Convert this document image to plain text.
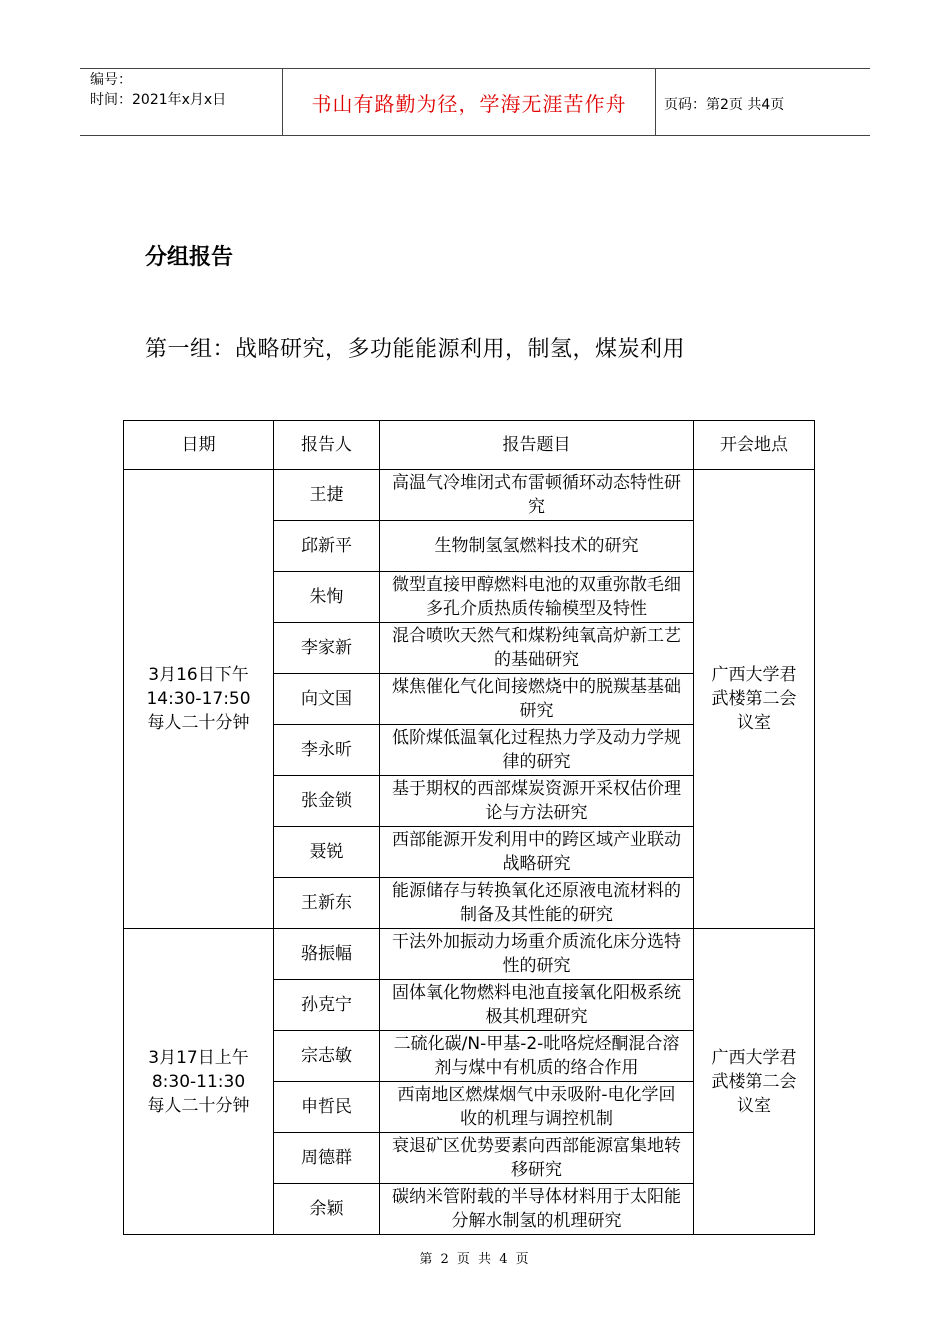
编号：
时间：2021年x月x日	书山有路勤为径，学海无涯苦作舟	页码：第2页 共4页
分组报告
第一组：战略研究，多功能能源利用，制氢，煤炭利用
日期	报告人	报告题目	开会地点

3月16日下午
14:30-17:50
每人二十分钟	王捷	高温气冷堆闭式布雷顿循环动态特性研究	广西大学君武楼第二会议室
	邱新平	生物制氢氢燃料技术的研究	
	朱恂	微型直接甲醇燃料电池的双重弥散毛细多孔介质热质传输模型及特性	
	李家新	混合喷吹天然气和煤粉纯氧高炉新工艺的基础研究	
	向文国	煤焦催化气化间接燃烧中的脱羰基基础研究	
	李永昕	低阶煤低温氧化过程热力学及动力学规律的研究	
	张金锁	基于期权的西部煤炭资源开采权估价理论与方法研究	
	聂锐	西部能源开发利用中的跨区域产业联动战略研究	
	王新东	能源储存与转换氧化还原液电流材料的制备及其性能的研究	

3月17日上午
8:30-11:30
每人二十分钟	骆振幅	干法外加振动力场重介质流化床分选特性的研究	广西大学君武楼第二会议室
	孙克宁	固体氧化物燃料电池直接氧化阳极系统极其机理研究	
	宗志敏	二硫化碳/N-甲基-2-吡咯烷烃酮混合溶剂与煤中有机质的络合作用	
	申哲民	西南地区燃煤烟气中汞吸附-电化学回收的机理与调控机制	
	周德群	衰退矿区优势要素向西部能源富集地转移研究	
	余颖	碳纳米管附载的半导体材料用于太阳能分解水制氢的机理研究	
第 2 页 共 4 页
